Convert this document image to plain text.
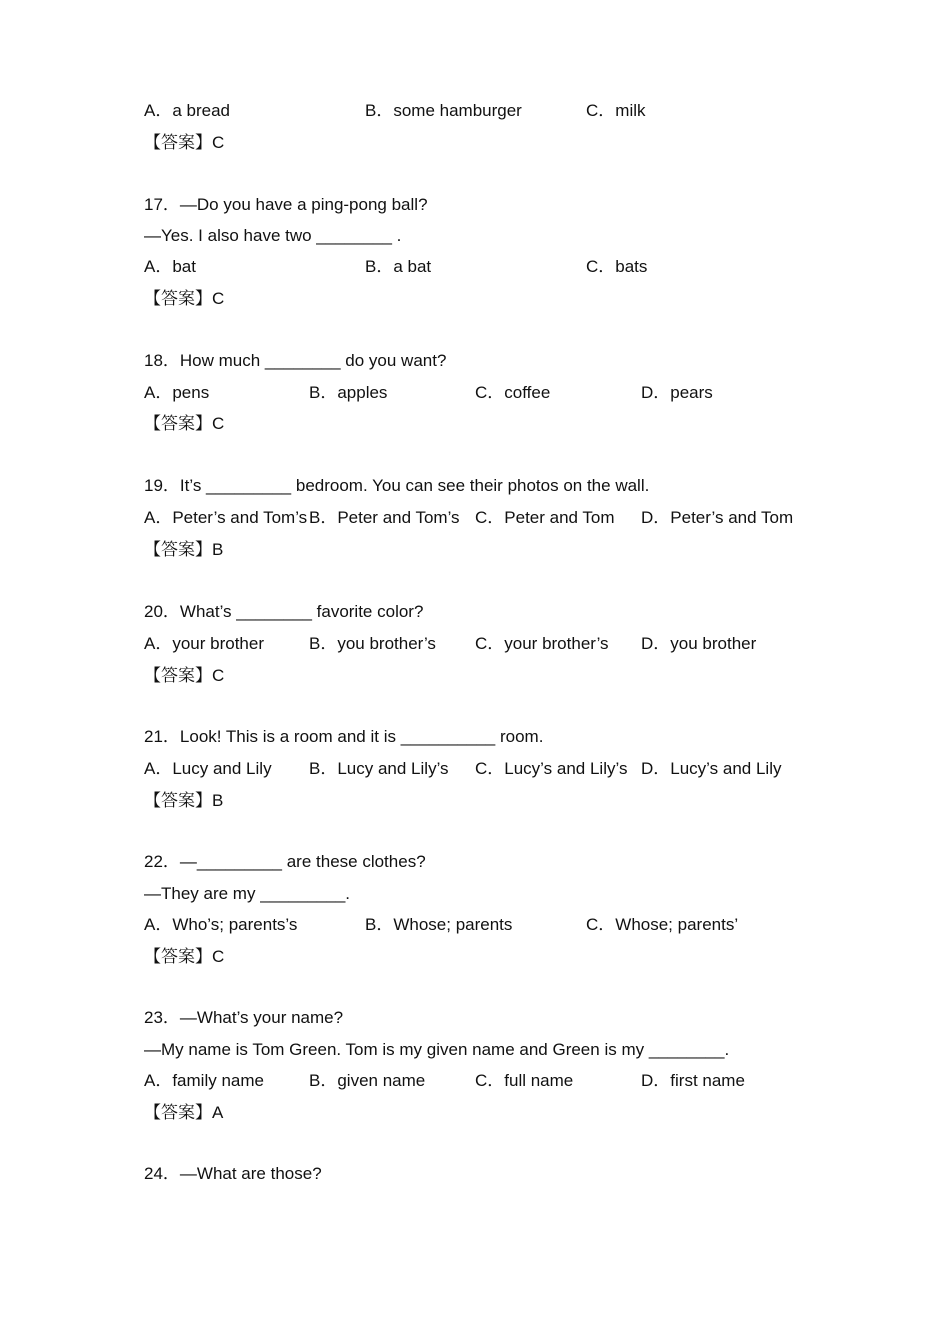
A．a bread	B．some hamburger	C．milk
【答案】C
17．—Do you have a ping-pong ball?
—Yes. I also have two ________ .
A．bat	B．a bat	C．bats
【答案】C
18．How much ________ do you want?
A．pens	B．apples	C．coffee	D．pears
【答案】C
19．It’s _________ bedroom. You can see their photos on the wall.
A．Peter’s and Tom’s B．Peter and Tom’s C．Peter and Tom D．Peter’s and Tom
【答案】B
20．What’s ________ favorite color?
A．your brother	B．you brother’s C．your brother’s D．you brother
【答案】C
21．Look! This is a room and it is __________ room.
A．Lucy and Lily B．Lucy and Lily’s C．Lucy’s and Lily’s D．Lucy’s and Lily
【答案】B
22．—_________ are these clothes?
—They are my _________.
A．Who’s; parents’s	B．Whose; parents	C．Whose; parents’
【答案】C
23．—What’s your name?
—My name is Tom Green. Tom is my given name and Green is my ________.
A．family name	B．given name	C．full name	D．first name
【答案】A
24．—What are those?
